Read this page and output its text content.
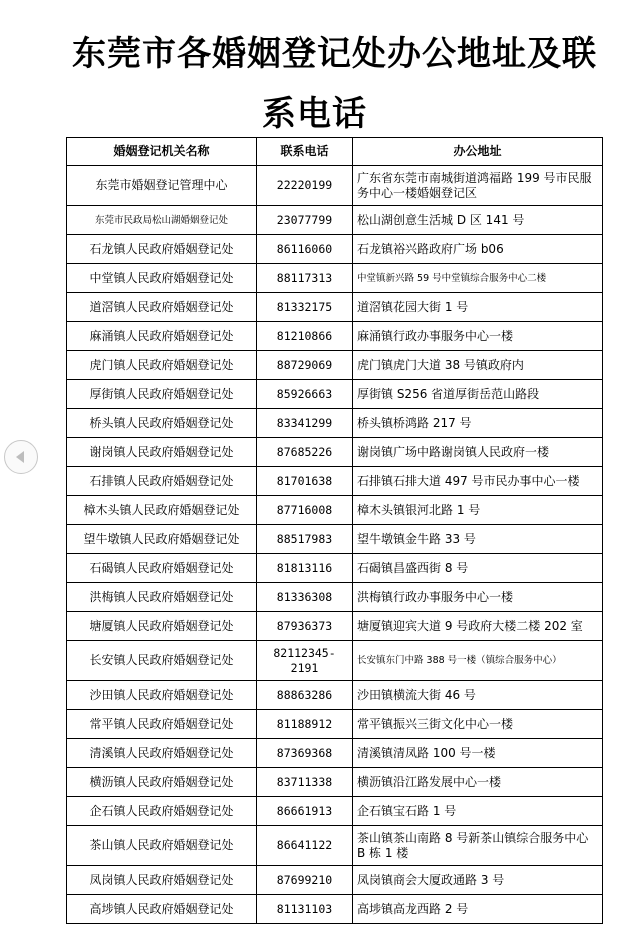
东莞市各婚姻登记处办公地址及联
系电话
婚姻登记机关名称	联系电话	办公地址
东莞市婚姻登记管理中心	22220199	广东省东莞市南城街道鸿福路 199 号市民服务中心一楼婚姻登记区
东莞市民政局松山湖婚姻登记处	23077799	松山湖创意生活城 D 区 141 号
石龙镇人民政府婚姻登记处	86116060	石龙镇裕兴路政府广场 b06
中堂镇人民政府婚姻登记处	88117313	中堂镇新兴路 59 号中堂镇综合服务中心二楼
道滘镇人民政府婚姻登记处	81332175	道滘镇花园大街 1 号
麻涌镇人民政府婚姻登记处	81210866	麻涌镇行政办事服务中心一楼
虎门镇人民政府婚姻登记处	88729069	虎门镇虎门大道 38 号镇政府内
厚街镇人民政府婚姻登记处	85926663	厚街镇 S256 省道厚街岳范山路段
桥头镇人民政府婚姻登记处	83341299	桥头镇桥鸿路 217 号
谢岗镇人民政府婚姻登记处	87685226	谢岗镇广场中路谢岗镇人民政府一楼
石排镇人民政府婚姻登记处	81701638	石排镇石排大道 497 号市民办事中心一楼
樟木头镇人民政府婚姻登记处	87716008	樟木头镇银河北路 1 号
望牛墩镇人民政府婚姻登记处	88517983	望牛墩镇金牛路 33 号
石碣镇人民政府婚姻登记处	81813116	石碣镇昌盛西街 8 号
洪梅镇人民政府婚姻登记处	81336308	洪梅镇行政办事服务中心一楼
塘厦镇人民政府婚姻登记处	87936373	塘厦镇迎宾大道 9 号政府大楼二楼 202 室
长安镇人民政府婚姻登记处	82112345-2191	长安镇东门中路 388 号一楼（镇综合服务中心）
沙田镇人民政府婚姻登记处	88863286	沙田镇横流大街 46 号
常平镇人民政府婚姻登记处	81188912	常平镇振兴三街文化中心一楼
清溪镇人民政府婚姻登记处	87369368	清溪镇清凤路 100 号一楼
横沥镇人民政府婚姻登记处	83711338	横沥镇沿江路发展中心一楼
企石镇人民政府婚姻登记处	86661913	企石镇宝石路 1 号
茶山镇人民政府婚姻登记处	86641122	茶山镇茶山南路 8 号新茶山镇综合服务中心 B 栋 1 楼
凤岗镇人民政府婚姻登记处	87699210	凤岗镇商会大厦政通路 3 号
高埗镇人民政府婚姻登记处	81131103	高埗镇高龙西路 2 号
